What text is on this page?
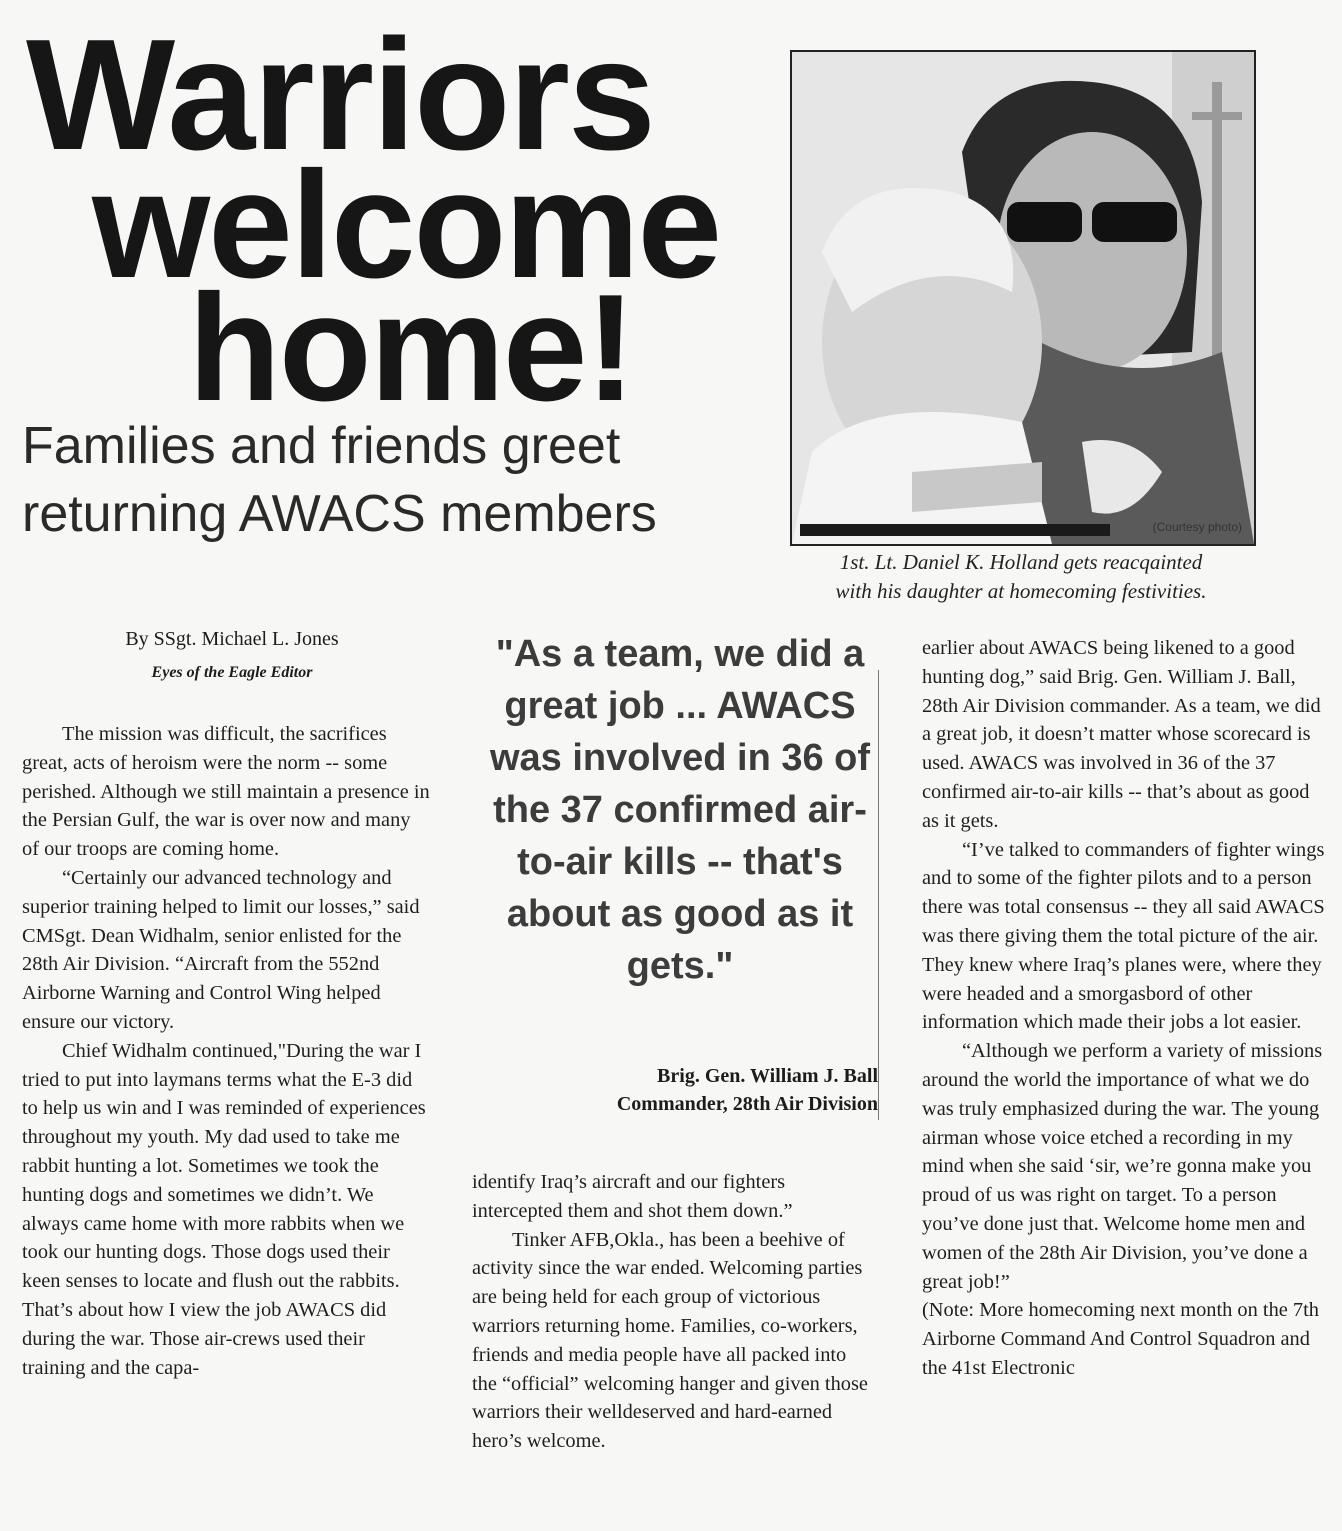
Warriors
welcome
home!
Families and friends greet
returning AWACS members	(Courtesy photo)
1st. Lt. Daniel K. Holland gets reacqainted
with his daughter at homecoming festivities.
By SSgt. Michael L. Jones
Eyes of the Eagle Editor

The mission was difficult, the sacrifices great, acts of heroism were the norm -- some perished. Although we still maintain a presence in the Persian Gulf, the war is over now and many of our troops are coming home.

“Certainly our advanced technology and superior training helped to limit our losses,” said CMSgt. Dean Widhalm, senior enlisted for the 28th Air Division. “Aircraft from the 552nd Airborne Warning and Control Wing helped ensure our victory.

Chief Widhalm continued,"During the war I tried to put into laymans terms what the E-3 did to help us win and I was reminded of experiences throughout my youth. My dad used to take me rabbit hunting a lot. Sometimes we took the hunting dogs and sometimes we didn’t. We always came home with more rabbits when we took our hunting dogs. Those dogs used their keen senses to locate and flush out the rabbits. That’s about how I view the job AWACS did during the war. Those air-crews used their training and the capa-

"As a team, we did a great job ... AWACS was involved in 36 of the 37 confirmed air-to-air kills -- that's about as good as it gets."
Brig. Gen. William J. Ball
Commander, 28th Air Division

identify Iraq’s aircraft and our fighters intercepted them and shot them down.”

Tinker AFB,Okla., has been a beehive of activity since the war ended. Welcoming parties are being held for each group of victorious warriors returning home. Families, co-workers, friends and media people have all packed into the “official” welcoming hanger and given those warriors their welldeserved and hard-earned hero’s welcome.

earlier about AWACS being likened to a good hunting dog,” said Brig. Gen. William J. Ball, 28th Air Division commander. As a team, we did a great job, it doesn’t matter whose scorecard is used. AWACS was involved in 36 of the 37 confirmed air-to-air kills -- that’s about as good as it gets.

“I’ve talked to commanders of fighter wings and to some of the fighter pilots and to a person there was total consensus -- they all said AWACS was there giving them the total picture of the air. They knew where Iraq’s planes were, where they were headed and a smorgasbord of other information which made their jobs a lot easier.

“Although we perform a variety of missions around the world the importance of what we do was truly emphasized during the war. The young airman whose voice etched a recording in my mind when she said ‘sir, we’re gonna make you proud of us was right on target. To a person you’ve done just that. Welcome home men and women of the 28th Air Division, you’ve done a great job!”

(Note: More homecoming next month on the 7th Airborne Command And Control Squadron and the 41st Electronic
